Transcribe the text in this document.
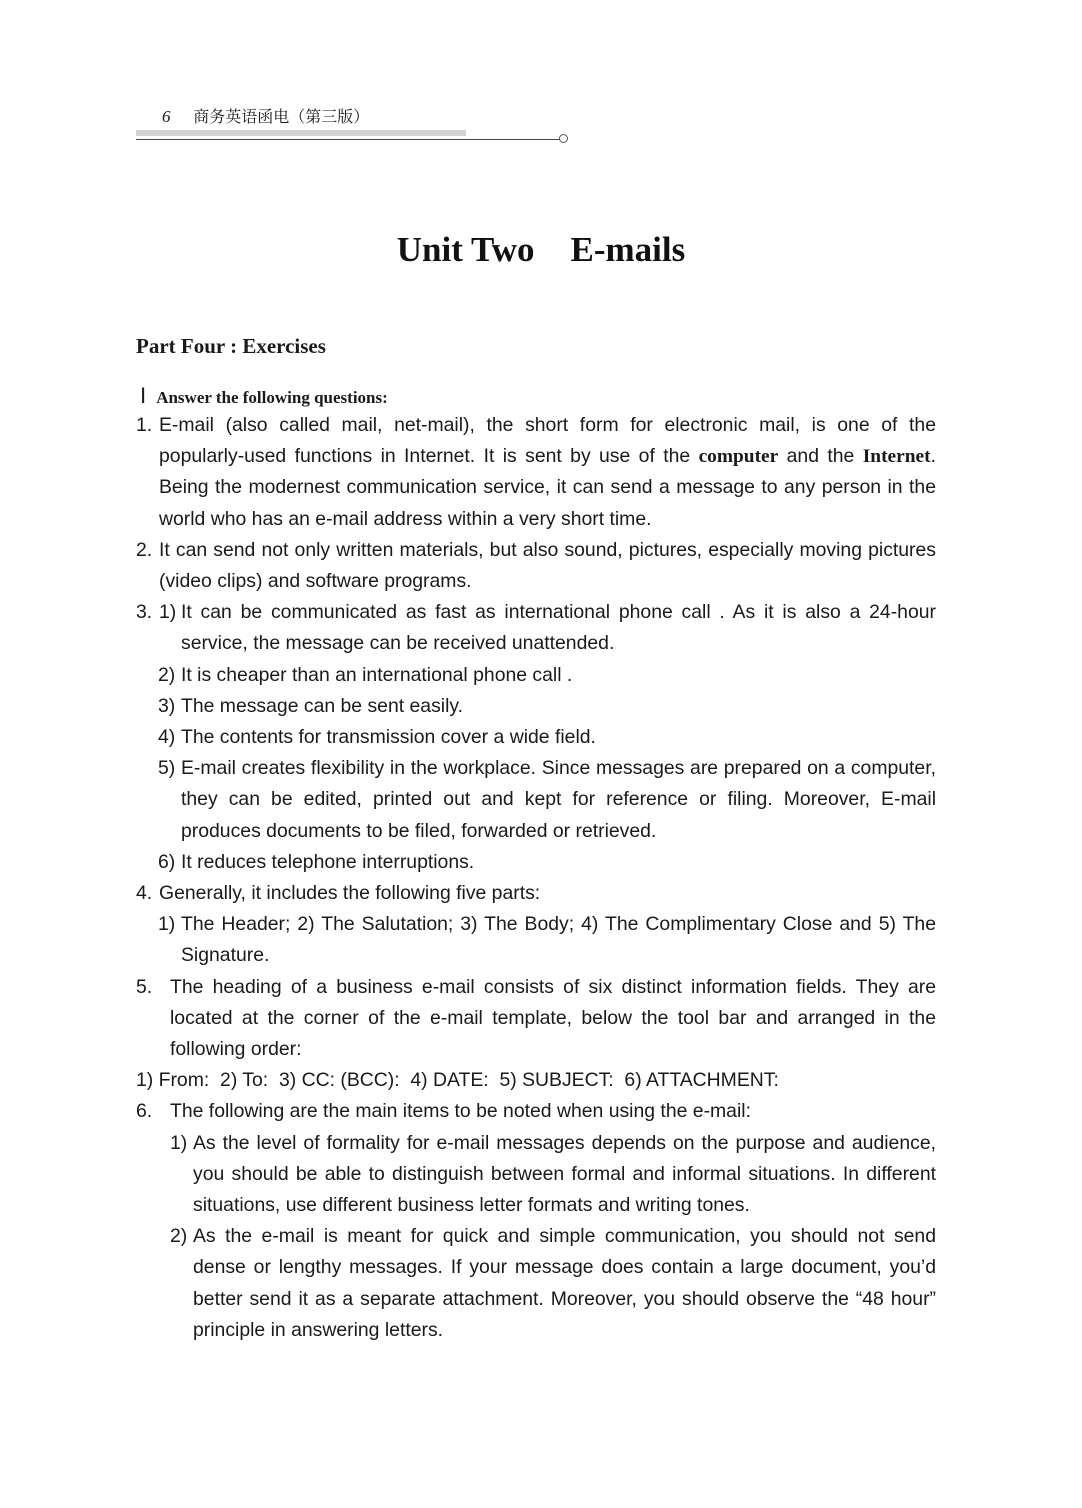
6 商务英语函电（第三版）
Unit Two E-mails
Part Four : Exercises
Ⅰ Answer the following questions:
1. E-mail (also called mail, net-mail), the short form for electronic mail, is one of the popularly-used functions in Internet. It is sent by use of the computer and the Internet. Being the modernest communication service, it can send a message to any person in the world who has an e-mail address within a very short time.
2. It can send not only written materials, but also sound, pictures, especially moving pictures (video clips) and software programs.
3. 1) It can be communicated as fast as international phone call . As it is also a 24-hour service, the message can be received unattended.
2) It is cheaper than an international phone call .
3) The message can be sent easily.
4) The contents for transmission cover a wide field.
5) E-mail creates flexibility in the workplace. Since messages are prepared on a computer, they can be edited, printed out and kept for reference or filing. Moreover, E-mail produces documents to be filed, forwarded or retrieved.
6) It reduces telephone interruptions.
4. Generally, it includes the following five parts:
1) The Header; 2) The Salutation; 3) The Body; 4) The Complimentary Close and 5) The Signature.
5. The heading of a business e-mail consists of six distinct information fields. They are located at the corner of the e-mail template, below the tool bar and arranged in the following order:
1) From:  2) To:  3) CC: (BCC):  4) DATE:  5) SUBJECT:  6) ATTACHMENT:
6. The following are the main items to be noted when using the e-mail:
1) As the level of formality for e-mail messages depends on the purpose and audience, you should be able to distinguish between formal and informal situations. In different situations, use different business letter formats and writing tones.
2) As the e-mail is meant for quick and simple communication, you should not send dense or lengthy messages. If your message does contain a large document, you’d better send it as a separate attachment. Moreover, you should observe the “48 hour” principle in answering letters.
